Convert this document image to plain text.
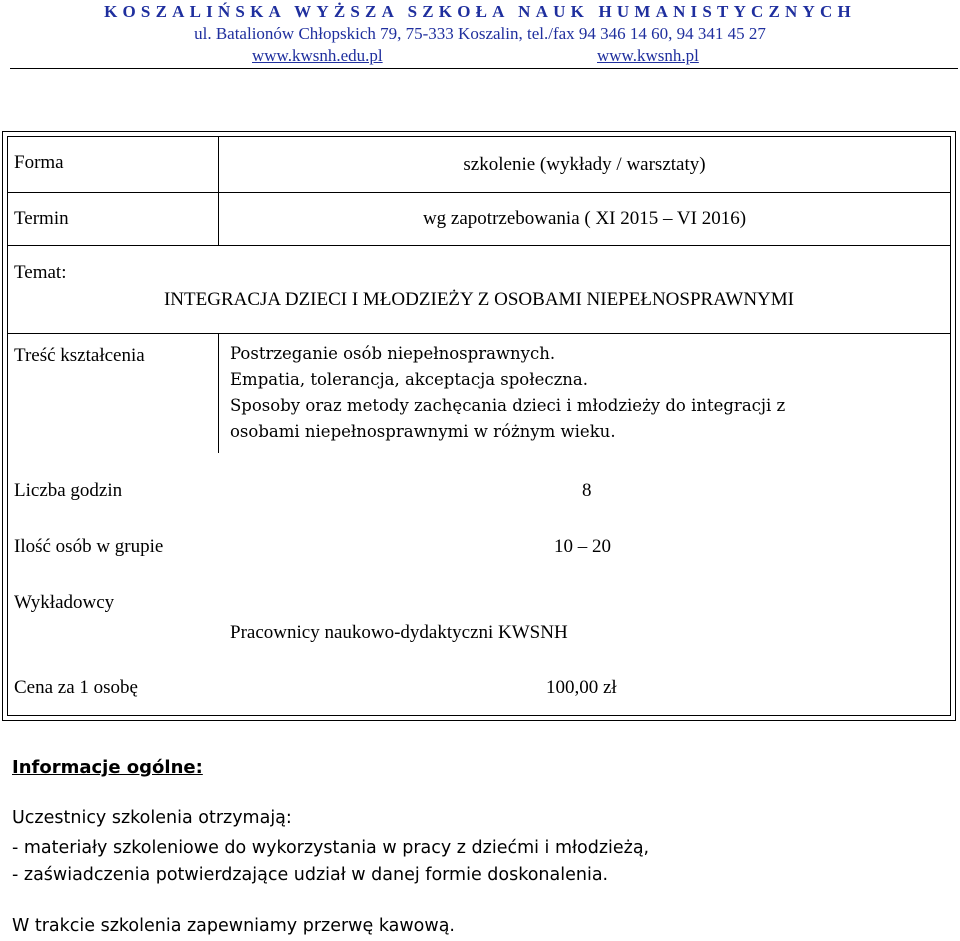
KOSZALIŃSKA WYŻSZA SZKOŁA NAUK HUMANISTYCZNYCH
ul. Batalionów Chłopskich 79, 75-333 Koszalin, tel./fax 94 346 14 60, 94 341 45 27
www.kwsnh.edu.pl	www.kwsnh.pl
Forma	szkolenie (wykłady / warsztaty)
Termin	wg zapotrzebowania ( XI 2015 – VI 2016)
Temat:
INTEGRACJA DZIECI I MŁODZIEŻY Z OSOBAMI NIEPEŁNOSPRAWNYMI
Treść kształcenia	Postrzeganie osób niepełnosprawnych.
Empatia, tolerancja, akceptacja społeczna.
Sposoby oraz metody zachęcania dzieci i młodzieży do integracji z
osobami niepełnosprawnymi w różnym wieku.
Liczba godzin	8
Ilość osób w grupie	10 – 20
Wykładowcy
Pracownicy naukowo-dydaktyczni KWSNH
Cena za 1 osobę	100,00 zł
Informacje ogólne:
Uczestnicy szkolenia otrzymają:
- materiały szkoleniowe do wykorzystania w pracy z dziećmi i młodzieżą,
- zaświadczenia potwierdzające udział w danej formie doskonalenia.
W trakcie szkolenia zapewniamy przerwę kawową.
